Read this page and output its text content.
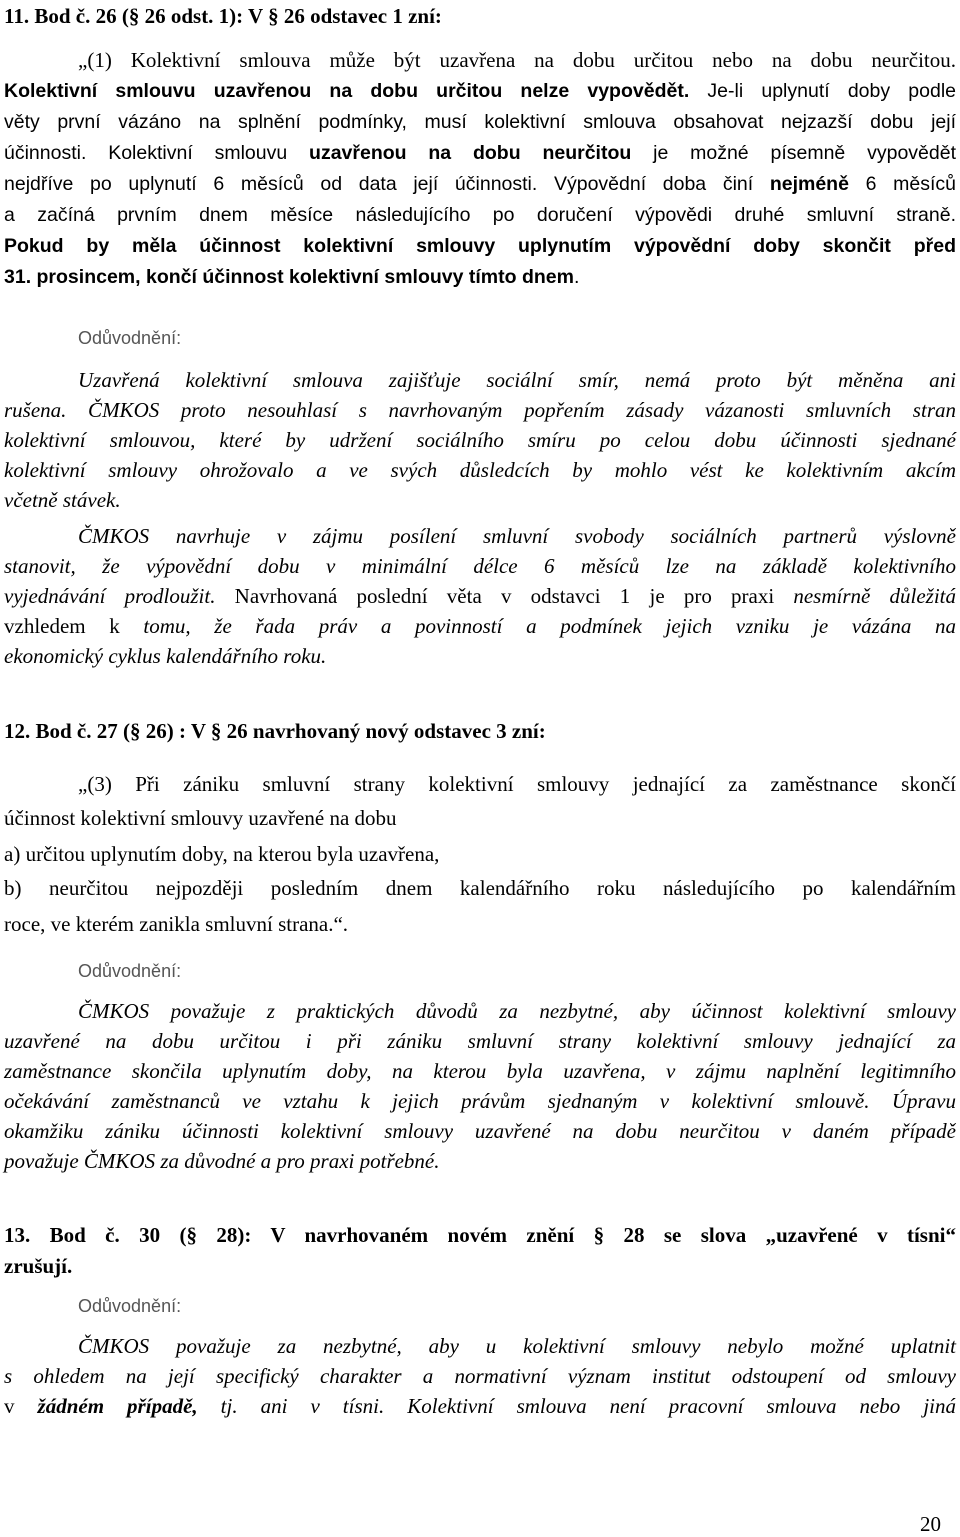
11. Bod č. 26 (§ 26 odst. 1): V § 26 odstavec 1 zní:
„(1) Kolektivní smlouva může být uzavřena na dobu určitou nebo na dobu neurčitou.
Kolektivní smlouvu uzavřenou na dobu určitou nelze vypovědět. Je-li uplynutí doby podle
věty první vázáno na splnění podmínky, musí kolektivní smlouva obsahovat nejzazší dobu její
účinnosti. Kolektivní smlouvu uzavřenou na dobu neurčitou je možné písemně vypovědět
nejdříve po uplynutí 6 měsíců od data její účinnosti. Výpovědní doba činí nejméně 6 měsíců
a začíná prvním dnem měsíce následujícího po doručení výpovědi druhé smluvní straně.
Pokud by měla účinnost kolektivní smlouvy uplynutím výpovědní doby skončit před
31. prosincem, končí účinnost kolektivní smlouvy tímto dnem.
Odůvodnění:
Uzavřená kolektivní smlouva zajišťuje sociální smír, nemá proto být měněna ani
rušena. ČMKOS proto nesouhlasí s navrhovaným popřením zásady vázanosti smluvních stran
kolektivní smlouvou, které by udržení sociálního smíru po celou dobu účinnosti sjednané
kolektivní smlouvy ohrožovalo a ve svých důsledcích by mohlo vést ke kolektivním akcím
včetně stávek.
ČMKOS navrhuje v zájmu posílení smluvní svobody sociálních partnerů výslovně
stanovit, že výpovědní dobu v minimální délce 6 měsíců lze na základě kolektivního
vyjednávání prodloužit. Navrhovaná poslední věta v odstavci 1 je pro praxi nesmírně důležitá
vzhledem k tomu, že řada práv a povinností a podmínek jejich vzniku je vázána na
ekonomický cyklus kalendářního roku.
12. Bod č. 27 (§ 26) : V § 26 navrhovaný nový odstavec 3 zní:
„(3) Při zániku smluvní strany kolektivní smlouvy jednající za zaměstnance skončí
účinnost kolektivní smlouvy uzavřené na dobu
a) určitou uplynutím doby, na kterou byla uzavřena,
b) neurčitou nejpozději posledním dnem kalendářního roku následujícího po kalendářním
roce, ve kterém zanikla smluvní strana.“.
Odůvodnění:
ČMKOS považuje z praktických důvodů za nezbytné, aby účinnost kolektivní smlouvy
uzavřené na dobu určitou i při zániku smluvní strany kolektivní smlouvy jednající za
zaměstnance skončila uplynutím doby, na kterou byla uzavřena, v zájmu naplnění legitimního
očekávání zaměstnanců ve vztahu k jejich právům sjednaným v kolektivní smlouvě. Úpravu
okamžiku zániku účinnosti kolektivní smlouvy uzavřené na dobu neurčitou v daném případě
považuje ČMKOS za důvodné a pro praxi potřebné.
13. Bod č. 30 (§ 28): V navrhovaném novém znění § 28 se slova „uzavřené v tísni“
zrušují.
Odůvodnění:
ČMKOS považuje za nezbytné, aby u kolektivní smlouvy nebylo možné uplatnit
s ohledem na její specifický charakter a normativní význam institut odstoupení od smlouvy
v žádném případě, tj. ani v tísni. Kolektivní smlouva není pracovní smlouva nebo jiná
20
